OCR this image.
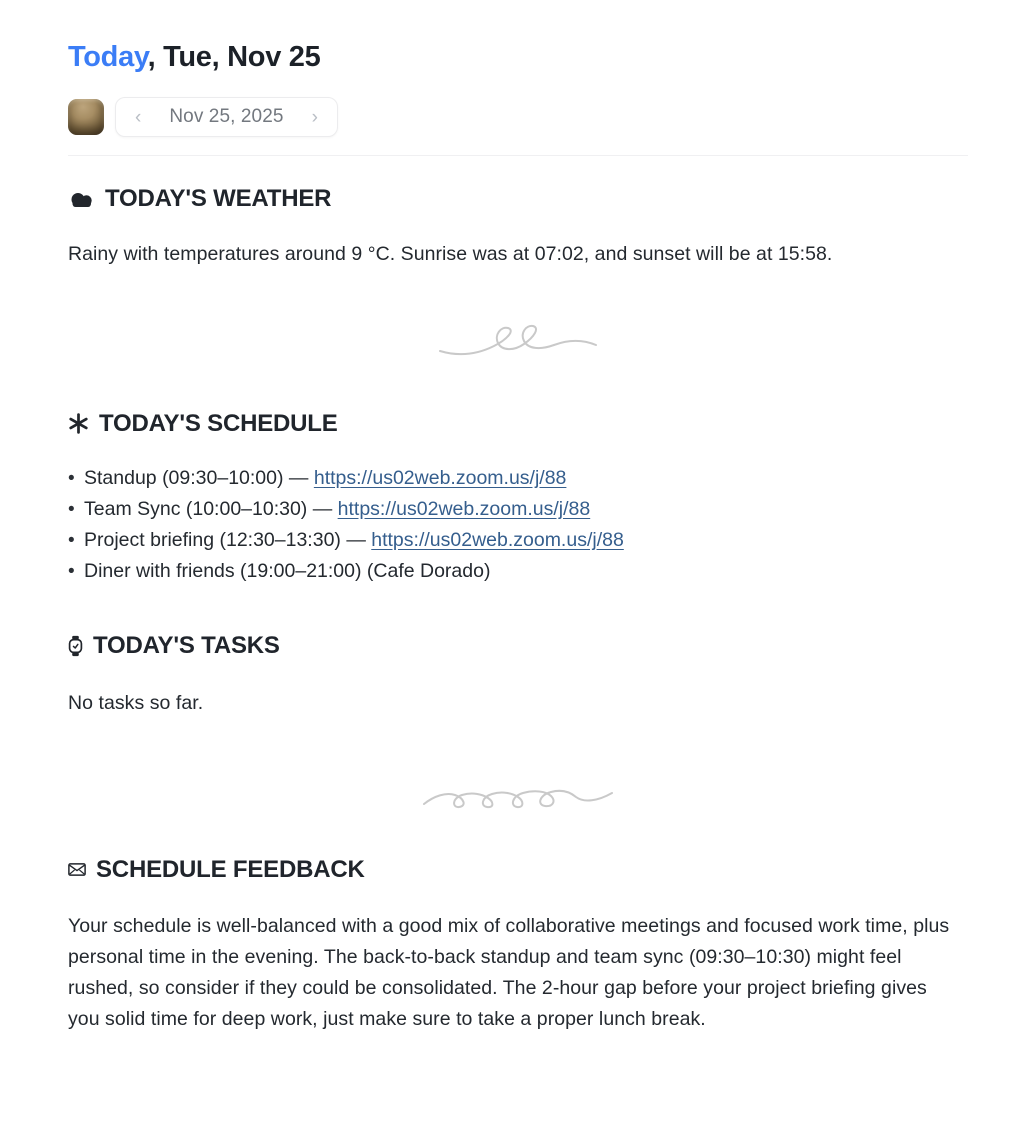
Today, Tue, Nov 25
‹ Nov 25, 2025 ›
TODAY'S WEATHER

Rainy with temperatures around 9 °C. Sunrise was at 07:02, and sunset will be at 15:58.

TODAY'S SCHEDULE
• Standup (09:30–10:00) — https://us02web.zoom.us/j/88
• Team Sync (10:00–10:30) — https://us02web.zoom.us/j/88
• Project briefing (12:30–13:30) — https://us02web.zoom.us/j/88
• Diner with friends (19:00–21:00) (Cafe Dorado)
TODAY'S TASKS

No tasks so far.

SCHEDULE FEEDBACK

Your schedule is well-balanced with a good mix of collaborative meetings and focused work time, plus personal time in the evening. The back-to-back standup and team sync (09:30–10:30) might feel rushed, so consider if they could be consolidated. The 2-hour gap before your project briefing gives you solid time for deep work, just make sure to take a proper lunch break.
